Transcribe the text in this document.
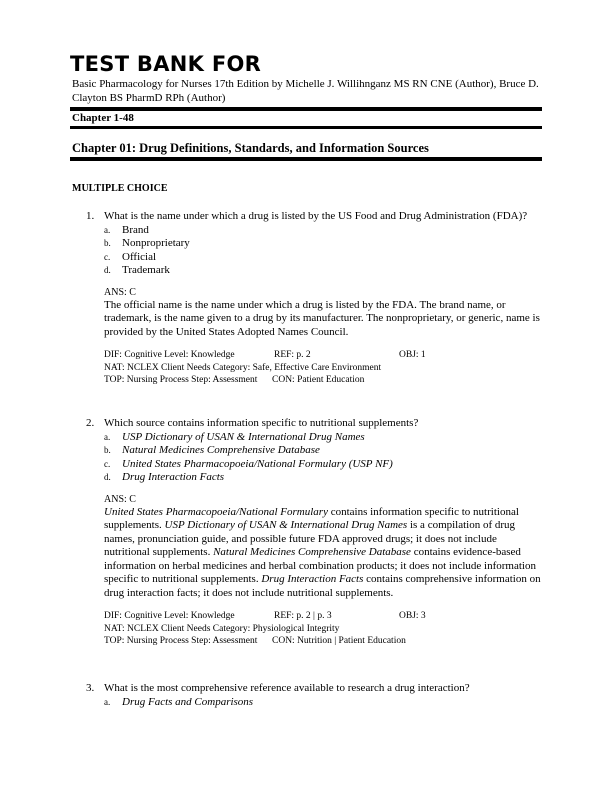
TEST BANK FOR
Basic Pharmacology for Nurses 17th Edition by Michelle J. Willihnganz MS RN CNE (Author), Bruce D. Clayton BS PharmD RPh (Author)
Chapter 1-48
Chapter 01: Drug Definitions, Standards, and Information Sources
MULTIPLE CHOICE
1. What is the name under which a drug is listed by the US Food and Drug Administration (FDA)?
a. Brand
b. Nonproprietary
c. Official
d. Trademark
ANS: C
The official name is the name under which a drug is listed by the FDA. The brand name, or trademark, is the name given to a drug by its manufacturer. The nonproprietary, or generic, name is provided by the United States Adopted Names Council.
DIF: Cognitive Level: Knowledge	REF: p. 2	OBJ: 1
NAT: NCLEX Client Needs Category: Safe, Effective Care Environment
TOP: Nursing Process Step: Assessment CON: Patient Education
2. Which source contains information specific to nutritional supplements?
a. USP Dictionary of USAN & International Drug Names
b. Natural Medicines Comprehensive Database
c. United States Pharmacopoeia/National Formulary (USP NF)
d. Drug Interaction Facts
ANS: C
United States Pharmacopoeia/National Formulary contains information specific to nutritional supplements. USP Dictionary of USAN & International Drug Names is a compilation of drug names, pronunciation guide, and possible future FDA approved drugs; it does not include nutritional supplements. Natural Medicines Comprehensive Database contains evidence-based information on herbal medicines and herbal combination products; it does not include information specific to nutritional supplements. Drug Interaction Facts contains comprehensive information on drug interaction facts; it does not include nutritional supplements.
DIF: Cognitive Level: Knowledge	REF: p. 2 | p. 3	OBJ: 3
NAT: NCLEX Client Needs Category: Physiological Integrity
TOP: Nursing Process Step: Assessment CON: Nutrition | Patient Education
3. What is the most comprehensive reference available to research a drug interaction?
a. Drug Facts and Comparisons
